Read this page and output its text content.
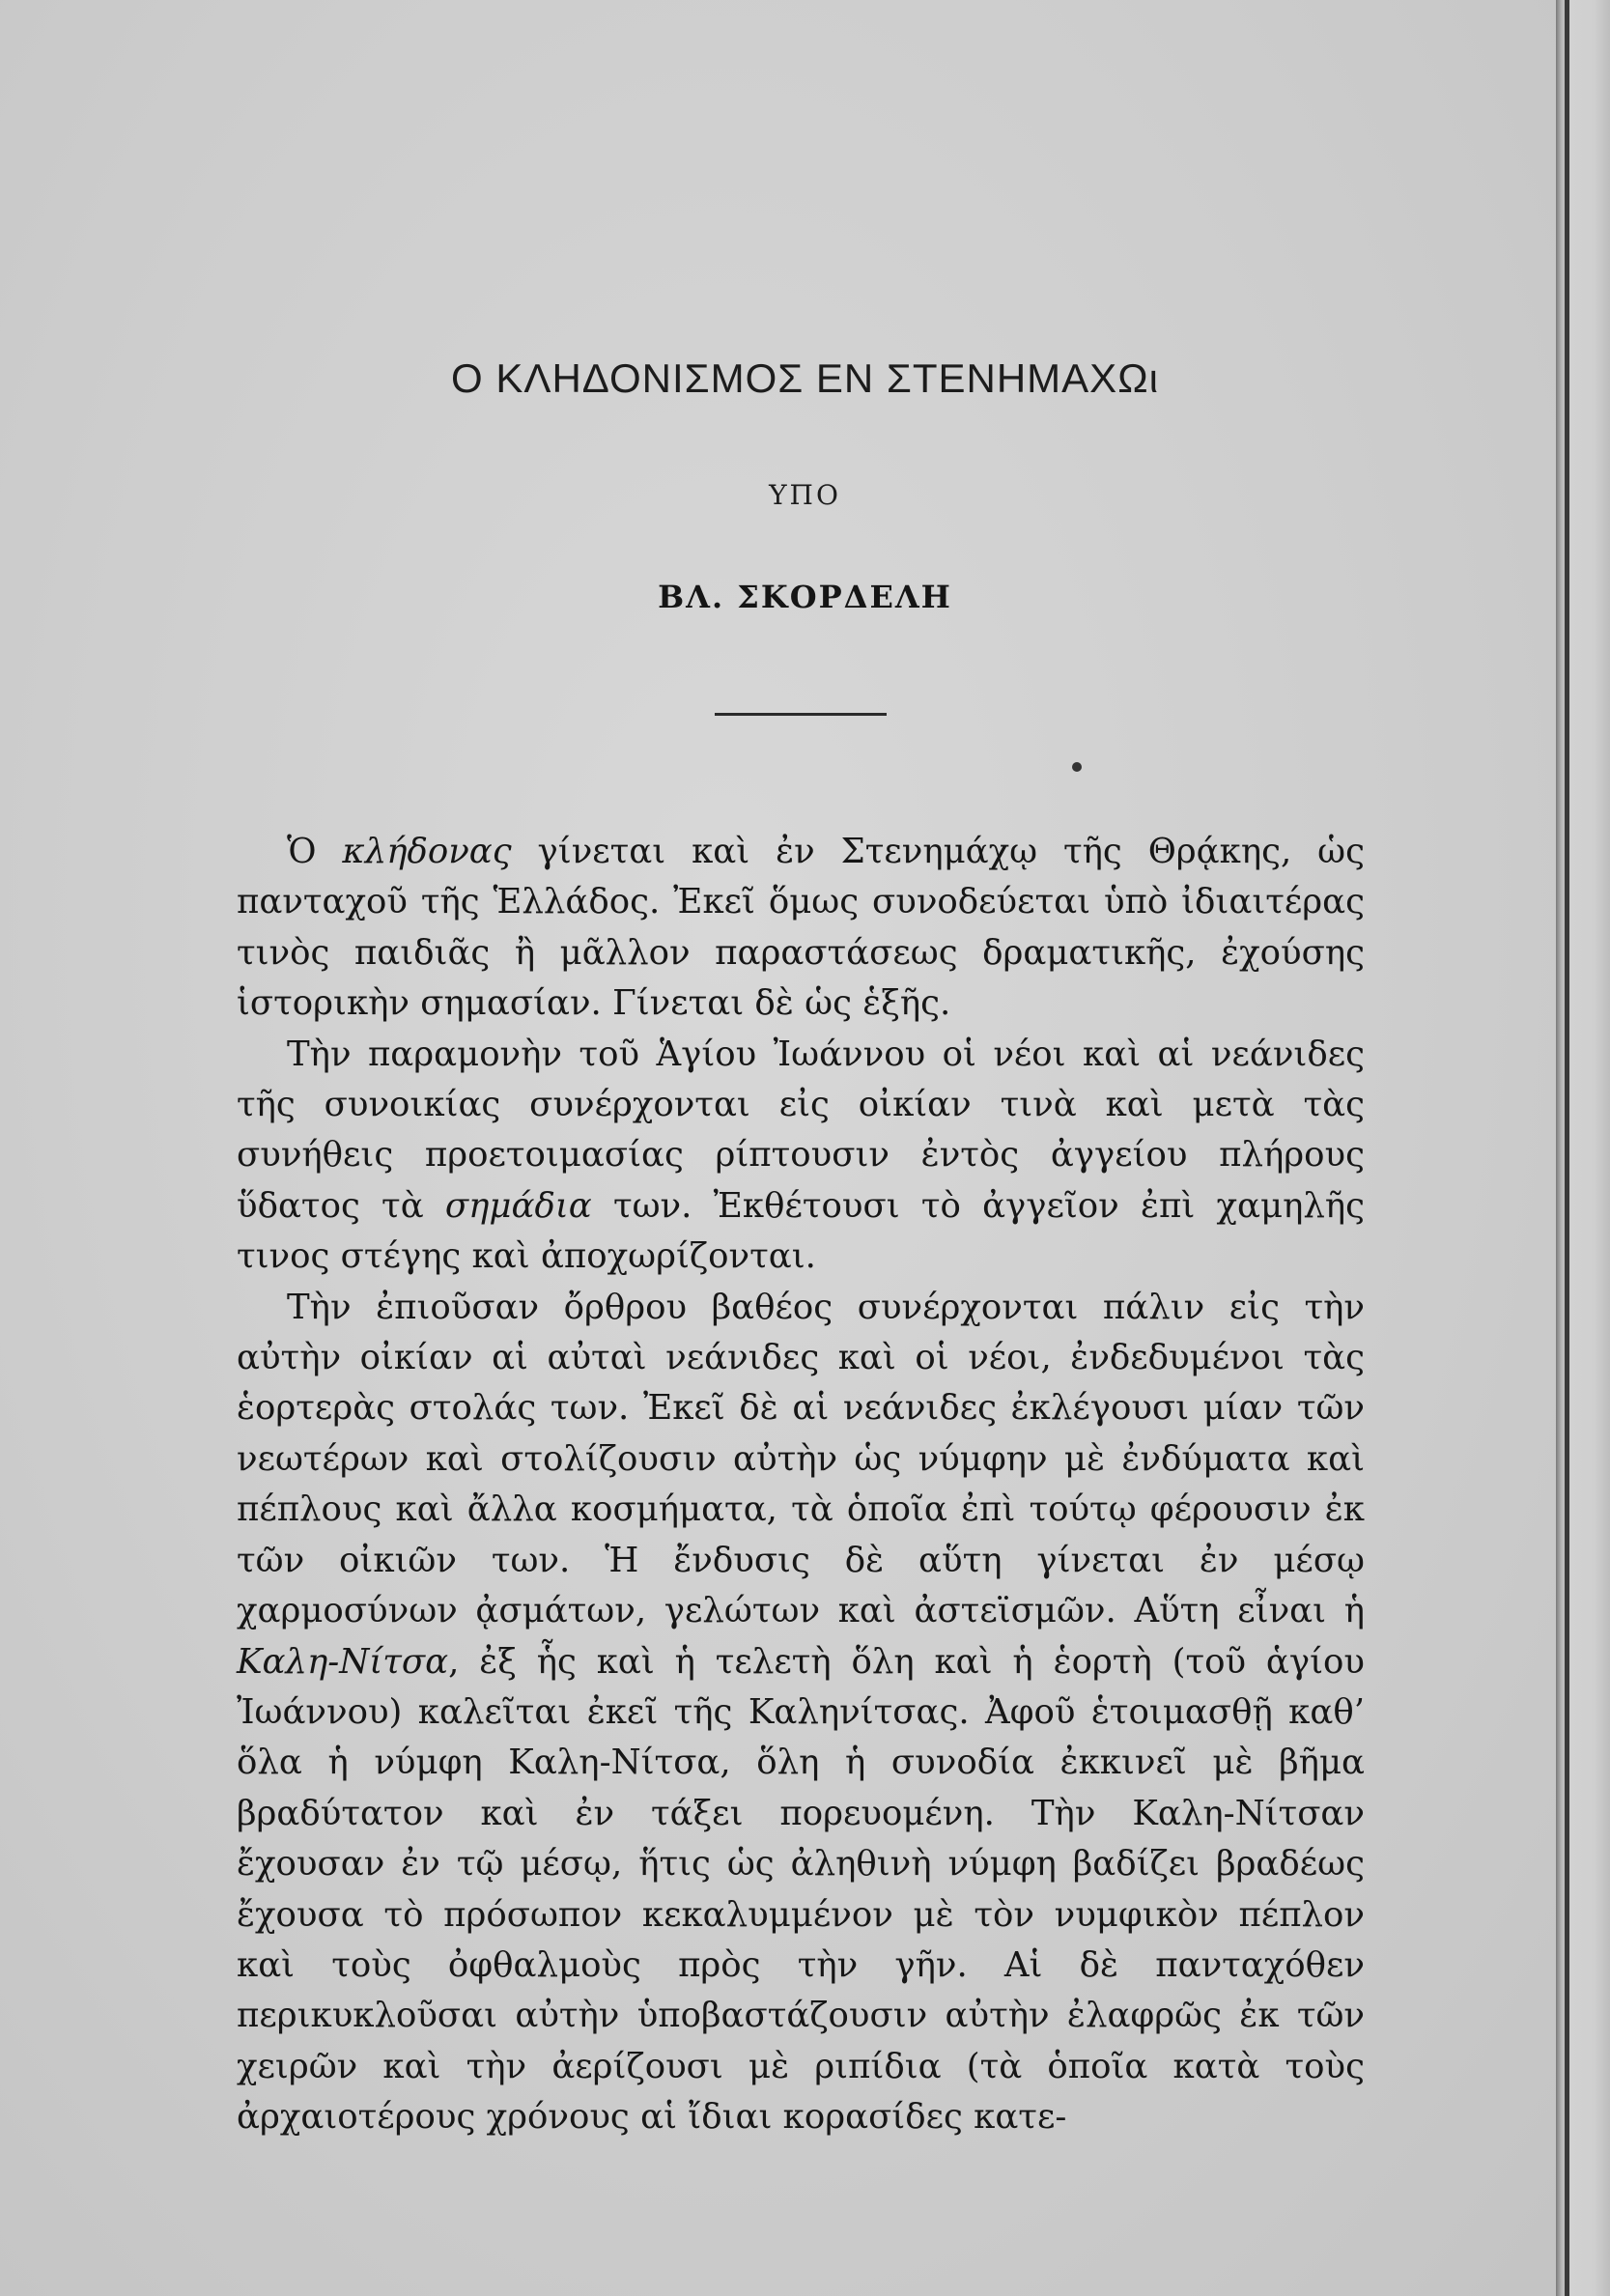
Ο ΚΛΗΔΟΝΙΣΜΟΣ ΕΝ ΣΤΕΝΗΜΑΧΩι
ΥΠΟ
ΒΛ. ΣΚΟΡΔΕΛΗ

Ὁ κλήδονας γίνεται καὶ ἐν Στενημάχῳ τῆς Θρᾴκης, ὡς πανταχοῦ τῆς Ἑλλάδος. Ἐκεῖ ὅμως συνοδεύεται ὑπὸ ἰδιαιτέρας τινὸς παιδιᾶς ἢ μᾶλλον παραστάσεως δραματικῆς, ἐχούσης ἱστορικὴν σημασίαν. Γίνεται δὲ ὡς ἑξῆς.

Τὴν παραμονὴν τοῦ Ἁγίου Ἰωάννου οἱ νέοι καὶ αἱ νεάνιδες τῆς συνοικίας συνέρχονται εἰς οἰκίαν τινὰ καὶ μετὰ τὰς συνήθεις προετοιμασίας ρίπτουσιν ἐντὸς ἀγγείου πλήρους ὕδατος τὰ σημάδια των. Ἐκθέτουσι τὸ ἀγγεῖον ἐπὶ χαμηλῆς τινος στέγης καὶ ἀποχωρίζονται.

Τὴν ἐπιοῦσαν ὄρθρου βαθέος συνέρχονται πάλιν εἰς τὴν αὐτὴν οἰκίαν αἱ αὐταὶ νεάνιδες καὶ οἱ νέοι, ἐνδεδυμένοι τὰς ἑορτερὰς στολάς των. Ἐκεῖ δὲ αἱ νεάνιδες ἐκλέγουσι μίαν τῶν νεωτέρων καὶ στολίζουσιν αὐτὴν ὡς νύμφην μὲ ἐνδύματα καὶ πέπλους καὶ ἄλλα κοσμήματα, τὰ ὁποῖα ἐπὶ τούτῳ φέρουσιν ἐκ τῶν οἰκιῶν των. Ἡ ἔνδυσις δὲ αὕτη γίνεται ἐν μέσῳ χαρμοσύνων ᾀσμάτων, γελώτων καὶ ἀστεϊσμῶν. Αὕτη εἶναι ἡ Καλη-Νίτσα, ἐξ ἧς καὶ ἡ τελετὴ ὅλη καὶ ἡ ἑορτὴ (τοῦ ἁγίου Ἰωάννου) καλεῖται ἐκεῖ τῆς Καληνίτσας. Ἀφοῦ ἑτοιμασθῇ καθ’ ὅλα ἡ νύμφη Καλη-Νίτσα, ὅλη ἡ συνοδία ἐκκινεῖ μὲ βῆμα βραδύτατον καὶ ἐν τάξει πορευομένη. Τὴν Καλη-Νίτσαν ἔχουσαν ἐν τῷ μέσῳ, ἥτις ὡς ἀληθινὴ νύμφη βαδίζει βραδέως ἔχουσα τὸ πρόσωπον κεκαλυμμένον μὲ τὸν νυμφικὸν πέπλον καὶ τοὺς ὀφθαλμοὺς πρὸς τὴν γῆν. Αἱ δὲ πανταχόθεν περικυκλοῦσαι αὐτὴν ὑποβαστάζουσιν αὐτὴν ἐλαφρῶς ἐκ τῶν χειρῶν καὶ τὴν ἀερίζουσι μὲ ριπίδια (τὰ ὁποῖα κατὰ τοὺς ἀρχαιοτέρους χρόνους αἱ ἴδιαι κορασίδες κατε-
